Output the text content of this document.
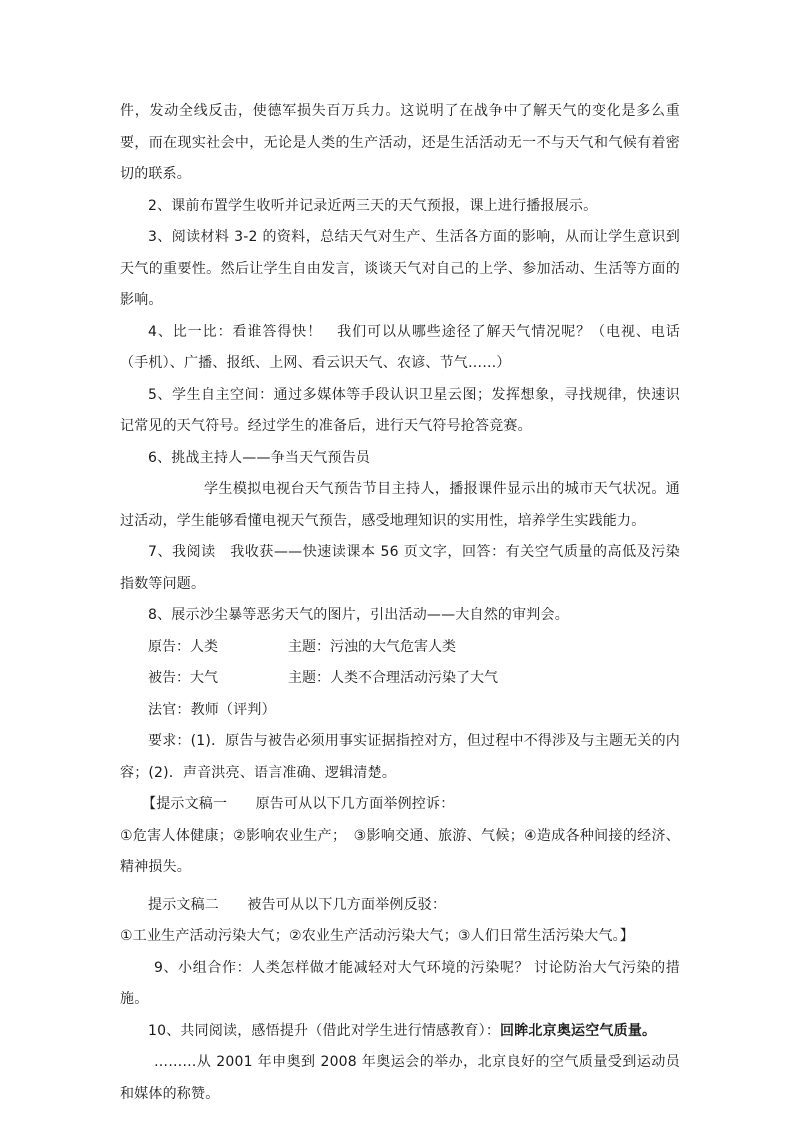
件，发动全线反击，使德军损失百万兵力。这说明了在战争中了解天气的变化是多么重要，而在现实社会中，无论是人类的生产活动，还是生活活动无一不与天气和气候有着密切的联系。

2、课前布置学生收听并记录近两三天的天气预报，课上进行播报展示。

3、阅读材料 3-2 的资料，总结天气对生产、生活各方面的影响，从而让学生意识到天气的重要性。然后让学生自由发言，谈谈天气对自己的上学、参加活动、生活等方面的影响。

4、比一比：看谁答得快！　 我们可以从哪些途径了解天气情况呢？（电视、电话（手机）、广播、报纸、上网、看云识天气、农谚、节气……）

5、学生自主空间：通过多媒体等手段认识卫星云图；发挥想象，寻找规律，快速识记常见的天气符号。经过学生的准备后，进行天气符号抢答竞赛。

6、挑战主持人——争当天气预告员

学生模拟电视台天气预告节目主持人，播报课件显示出的城市天气状况。通过活动，学生能够看懂电视天气预告，感受地理知识的实用性，培养学生实践能力。

7、我阅读　我收获——快速读课本 56 页文字，回答：有关空气质量的高低及污染指数等问题。

8、展示沙尘暴等恶劣天气的图片，引出活动——大自然的审判会。

原告：人类	主题：污浊的大气危害人类
被告：大气	主题：人类不合理活动污染了大气

法官：教师（评判）

要求：(1)．原告与被告必须用事实证据指控对方，但过程中不得涉及与主题无关的内容；(2)．声音洪亮、语言准确、逻辑清楚。

【提示文稿一　　原告可从以下几方面举例控诉：

①危害人体健康；②影响农业生产；　③影响交通、旅游、气候；④造成各种间接的经济、精神损失。

提示文稿二　　被告可从以下几方面举例反驳：

①工业生产活动污染大气；②农业生产活动污染大气；③人们日常生活污染大气。】

9、小组合作：人类怎样做才能减轻对大气环境的污染呢？ 讨论防治大气污染的措施。

10、共同阅读，感悟提升（借此对学生进行情感教育）：回眸北京奥运空气质量。

………从 2001 年申奥到 2008 年奥运会的举办，北京良好的空气质量受到运动员和媒体的称赞。
